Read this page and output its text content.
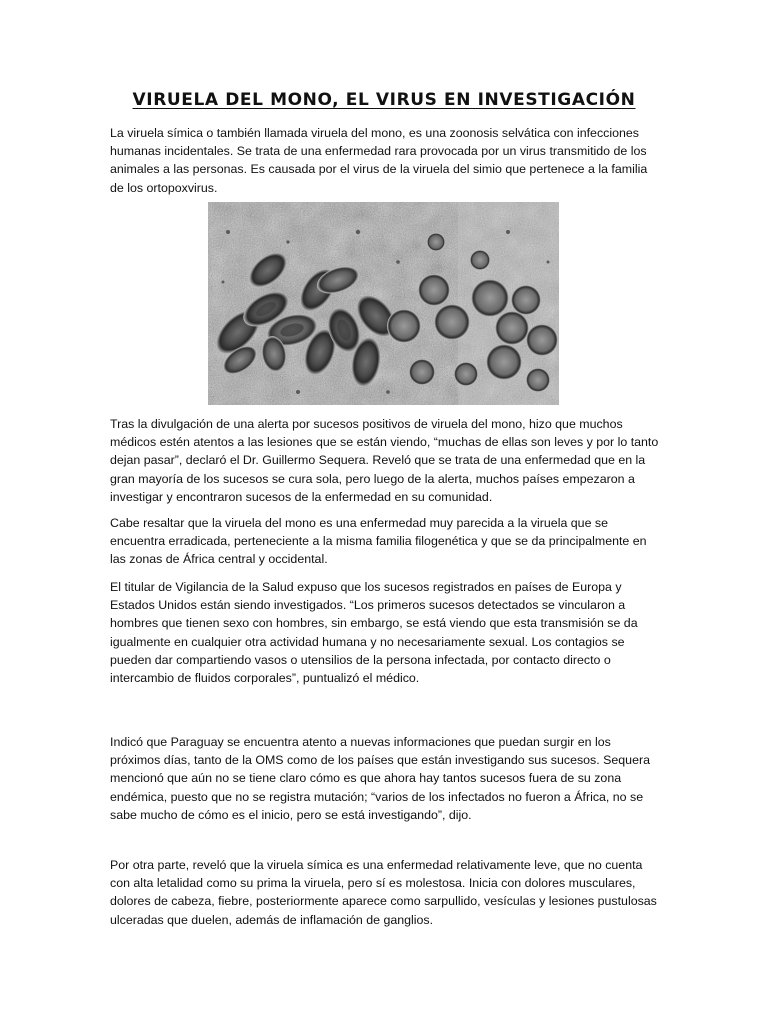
VIRUELA DEL MONO, EL VIRUS EN INVESTIGACIÓN

La viruela símica o también llamada viruela del mono, es una zoonosis selvática con infecciones humanas incidentales. Se trata de una enfermedad rara provocada por un virus transmitido de los animales a las personas. Es causada por el virus de la viruela del simio que pertenece a la familia de los ortopoxvirus.

Tras la divulgación de una alerta por sucesos positivos de viruela del mono, hizo que muchos médicos estén atentos a las lesiones que se están viendo, “muchas de ellas son leves y por lo tanto dejan pasar”, declaró el Dr. Guillermo Sequera. Reveló que se trata de una enfermedad que en la gran mayoría de los sucesos se cura sola, pero luego de la alerta, muchos países empezaron a investigar y encontraron sucesos de la enfermedad en su comunidad.

Cabe resaltar que la viruela del mono es una enfermedad muy parecida a la viruela que se encuentra erradicada, perteneciente a la misma familia filogenética y que se da principalmente en las zonas de África central y occidental.

El titular de Vigilancia de la Salud expuso que los sucesos registrados en países de Europa y Estados Unidos están siendo investigados. “Los primeros sucesos detectados se vincularon a hombres que tienen sexo con hombres, sin embargo, se está viendo que esta transmisión se da igualmente en cualquier otra actividad humana y no necesariamente sexual. Los contagios se pueden dar compartiendo vasos o utensilios de la persona infectada, por contacto directo o intercambio de fluidos corporales”, puntualizó el médico.

Indicó que Paraguay se encuentra atento a nuevas informaciones que puedan surgir en los próximos días, tanto de la OMS como de los países que están investigando sus sucesos. Sequera mencionó que aún no se tiene claro cómo es que ahora hay tantos sucesos fuera de su zona endémica, puesto que no se registra mutación; “varios de los infectados no fueron a África, no se sabe mucho de cómo es el inicio, pero se está investigando”, dijo.

Por otra parte, reveló que la viruela símica es una enfermedad relativamente leve, que no cuenta con alta letalidad como su prima la viruela, pero sí es molestosa. Inicia con dolores musculares, dolores de cabeza, fiebre, posteriormente aparece como sarpullido, vesículas y lesiones pustulosas ulceradas que duelen, además de inflamación de ganglios.
